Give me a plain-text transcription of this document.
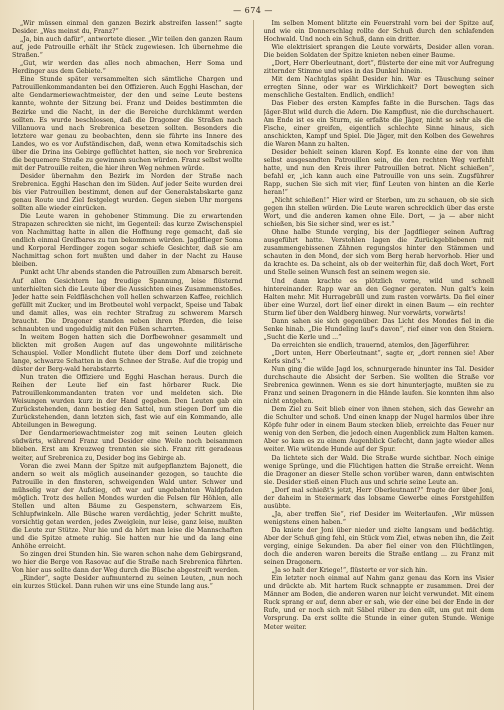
— 674 —

„Wir müssen einmal den ganzen Bezirk abstreifen lassen!“ sagte Desider. „Was meinst du, Franz?“

„Ja, bin auch dafür“, antwortete dieser. „Wir teilen den ganzen Raum auf, jede Patrouille erhält ihr Stück zugewiesen. Ich übernehme die Straßen.“

„Gut, wir werden das alles noch abmachen, Herr Soma und Herdinger aus dem Gebiete.“

Eine Stunde später versammelten sich sämtliche Chargen und Patrouillenkommandanten bei den Offizieren. Auch Egghi Haschan, der alte Gendarmeriewachtmeister, der den und seine Leute bestens kannte, wohnte der Sitzung bei. Franz und Deides bestimmten die Bezirke und die Nacht, in der die Bereiche durchkämmt werden sollten. Es wurde beschlossen, daß die Dragoner die Straßen nach Villanuova und nach Srebrenica besetzen sollten. Besonders die letztere war genau zu beobachten, denn sie führte ins Innere des Landes, wo es vor Aufständischen, daß, wenn etwa Komitadschis sich über die Drina ins Gebirge geflüchtet hatten, sie noch vor Srebrenica die bequemere Straße zu gewinnen suchen würden. Franz selbst wollte mit der Patrouille reiten, die hier ihren Weg nehmen würde.

Desider übernahm den Bezirk im Norden der Straße nach Srebrenica. Egghi Haschan den im Süden. Auf jeder Seite wurden drei bis vier Patrouillen bestimmt, denen auf der Generalstabskarte ganz genau Route und Ziel festgelegt wurden. Gegen sieben Uhr morgens sollten alle wieder einrücken.

Die Leute waren in gehobener Stimmung. Die zu erwartenden Strapazen schreckten sie nicht, im Gegenteil: das kurze Zwischenspiel von Nachmittag hatte in allen die Hoffnung rege gemacht, daß sie endlich einmal Greifbares zu tun bekommen würden. Jagdflieger Soma und Korporal Herdinger zogen sogar schiefe Gesichter, daß sie am Nachmittag schon fort mußten und daher in der Nacht zu Hause bleiben.

Punkt acht Uhr abends standen die Patrouillen zum Abmarsch bereit. Auf allen Gesichtern lag freudige Spannung, leise flüsternd unterhielten sich die Leute über die Aussichten eines Zusammenstoßes. Jeder hatte sein Feldfläschchen voll hellen schwarzen Kaffee, reichlich gefüllt mit Zucker, und im Brotbeutel wohl verpackt, Speise und Tabak und damit alles, was ein rechter Strafzug zu schwerem Marsch braucht. Die Dragoner standen neben ihren Pferden, die leise schnaubten und ungeduldig mit den Füßen scharrten.

In weitem Bogen hatten sich die Dorfbewohner gesammelt und blickten mit großen Augen auf das ungewohnte militärische Schauspiel. Voller Mondlicht flutete über dem Dorf und zeichnete lange, schwarze Schatten in den Schnee der Straße. Auf die tropig und düster der Berg-wald herabstarrte.

Nun traten die Offiziere und Egghi Haschan heraus. Durch die Reihen der Leute lief ein fast hörbarer Ruck. Die Patrouillenkommandanten traten vor und meldeten sich. Die Weisungen wurden kurz in der Hand gegeben. Den Leuten gab ein Zurückstehenden, dann bestieg den Sattel, nun stiegen Dorf um die Zurückstehenden, dann letzten sich, fast wie auf ein Kommando, alle Abteilungen in Bewegung.

Der Gendarmeriewachtmeister zog mit seinen Leuten gleich südwärts, während Franz und Desider eine Weile noch beisammen blieben. Erst am Kreuzweg trennten sie sich. Franz ritt geradeaus weiter, auf Srebrenica zu, Desider bog ins Gebirge ab.

Voran die zwei Mann der Spitze mit aufgepflanztem Bajonett, die andern so weit als möglich auseinander gezogen, so tauchte die Patrouille in den finsteren, schweigenden Wald unter. Schwer und mühselig war der Aufstieg, oft war auf ungebahnten Waldpfaden möglich. Trotz des hellen Mondes wurden die Felsen für Höhlen, alle Stellen und alten Bäume zu Gespenstern, schwarzem Eis, Schlupfwinkeln. Alle Büsche waren verdächtig, jeder Schritt mußte, vorsichtig getan werden, jedes Zweiglein, nur leise, ganz leise, mußten die Leute zur Stütze. Nur hie und da hört man leise die Mannschaften und die Spitze atmete ruhig. Sie hatten nur hie und da lang eine Anhöhe erreicht.

So zingen drei Stunden hin. Sie waren schon nahe dem Gebirgsrand, wo hier die Berge von Rasovac auf die Straße nach Srebrenica führten. Von hier aus sollte dann der Weg durch die Büsche abgestreift werden.

„Rinder“, sagte Desider aufmunternd zu seinen Leuten, „nun noch ein kurzes Stückel. Dann ruhen wir uns eine Stunde lang aus.“

Im selben Moment blitzte ein Feuerstrahl vorn bei der Spitze auf, und wie ein Donnerschlag rollte der Schuß durch den schlafenden Hochwald. Und noch ein Schuß, dann ein dritter.

Wie elektrisiert sprangen die Leute vorwärts, Desider allen voran. Die beiden Soldaten der Spitze knieten neben einer Baume.

„Dort, Herr Oberleutnant, dort“, flüsterte der eine mit vor Aufregung zitternder Stimme und wies in das Dunkel hinein.

Mit dem Nachtglas späht Desider hin. War es Täuschung seiner erregten Sinne, oder war es Wirklichkeit? Dort bewegten sich menschliche Gestalten. Endlich, endlich!

Das Fieber des ersten Kampfes faßte in die Burschen. Tags das Jäger-Blut wild durch die Adern. Die Kampflust, nie die durchschauert. Am Ende ist es ein Sturm, sie erfaßte die Jäger, nicht so sehr als die Fische, einer greifen, eigentlich schlechte Sinne hinaus, sich anschickten, Kampf und Spiel. Die Jäger, mit den Kolben des Gewehres die Waren Mann zu halten.

Desider behielt seinen klaren Kopf. Es konnte eine der von ihm selbst ausgesandten Patrouillen sein, die den rechten Weg verfehlt hatte, und nun den Kreis ihrer Patrouillen betrat. Nicht schießen“, befahl er, „ich kann auch eine Patrouille von uns sein. Zugsführer Rapp, suchen Sie sich mit vier, fünf Leuten von hinten an die Kerle heran!“

„Nicht schießen!“ Hier wird er Sterben, um zu schauen, ob sie sich gegen ihn stellen würden. Die Leute waren schrecklich über das erste Wort, und die anderen kamen ohne Eile. Dort, — ja — aber nicht schießen, bis Sie sicher sind, wer es ist.“

Ohne halbe Stunde verging, bis der Jagdflieger seinen Auftrag ausgeführt hatte. Verstohlen lagen die Zurückgebliebenen mit zusammengebissenen Zähnen regungslos hinter den Stämmen und schauten in den Mond, der sich vom Berg herab hervorhob. Hier und da krachte es. Da scheint, als ob der weiterhin für, daß doch Wort, Fort und Stelle seinen Wunsch fest an seinem wegen sie.

Und dann krachte es plötzlich vorne, wild und schnell hintereinander. Rapp war an den Gegner geraten. Nun galt's kein Halten mehr. Mit Hurragebrüll und zum rasten vorwärts. Da fiel einer über eine Wurzel, dort lief einer direkt in einen Baum — ein rechter Sturm lief über den Waldberg hinweg. Nur vorwärts, vorwärts!

Dann sahen sie sich gegenüber. Das Licht des Mondes fiel in die Senke hinab. „Die Hundeling lauf's davon“, rief einer von den Steiern. „Sucht die Kerle und ...“

Da erreichten sie endlich, trauernd, atemlos, den Jägerführer.

„Dort unten, Herr Oberleutnant“, sagte er, „dort rennen sie! Aber Kerls sind's.“

Nun ging die wilde Jagd los, schnurgerade hinunter ins Tal. Desider durchschaute die Absicht der Serben. Sie wollten die Straße vor Srebrenica gewinnen. Wenn es sie dort hinunterjagte, mußten sie zu Franz und seinen Dragonern in die Hände laufen. Sie konnten ihm also nicht entgehen.

Dem Ziel zu Seit blieb einer von ihnen stehen, sich das Gewehr an die Schulter und schoß. Und einen knapp der Nugel harmlos über ihre Köpfe fuhr oder in einem Baum stecken blieb, erreichte das Feuer nur wenig von den Serben, die jedoch einen Augenblick zum Halten kamen. Aber so kam es zu einem Augenblick Gefecht, dann jagte wieder alles weiter. Wie wütende Hunde auf der Spur.

Da lichtete sich der Wald. Die Straße wurde sichtbar. Noch einige wenige Sprünge, und die Flüchtigen hatten die Straße erreicht. Wenn die Dragoner an dieser Stelle schon vorüber waren, dann entwischten sie. Desider stieß einen Fluch aus und schrie seine Leute an.

„Dorf mal schießt's jetzt, Herr Oberleutnant?“ fragte der über Joni, der daheim in Steiermark das lobsame Gewerbe eines Forstgehilfen ausübte.

„Ja, aber treffen Sie“, rief Desider im Weiterlaufen. „Wir müssen wenigstens einen haben.“

Da kniete der Joni über nieder und zielte langsam und bedächtig. Aber der Schuß ging fehl, ein Stück vom Ziel, etwas neben ihn, die Zeit verging, einige Sekunden. Da aber fiel einer von den Flüchtlingen, doch die anderen waren bereits die Straße entlang ... zu Franz mit seinen Dragonern.

„Ja so halt der Kriege!“, flüsterte er vor sich hin.

Ein letzter noch einmal auf Nahm ganz genau das Korn ins Visier und drückte ab. Mit hartem Ruck schnappte er zusammen. Drei der Männer am Boden, die anderen waren nur leicht verwundet. Mit einem Ruck sprang er auf, denn aber er sah, wie der eine bei der Ende in der Rufe, und er noch sich mit Säbel rüber zu den eilt, um gut mit dem Vorsprung. Da erst sollte die Stunde in einer guten Stunde. Wenige Meter weiter.
